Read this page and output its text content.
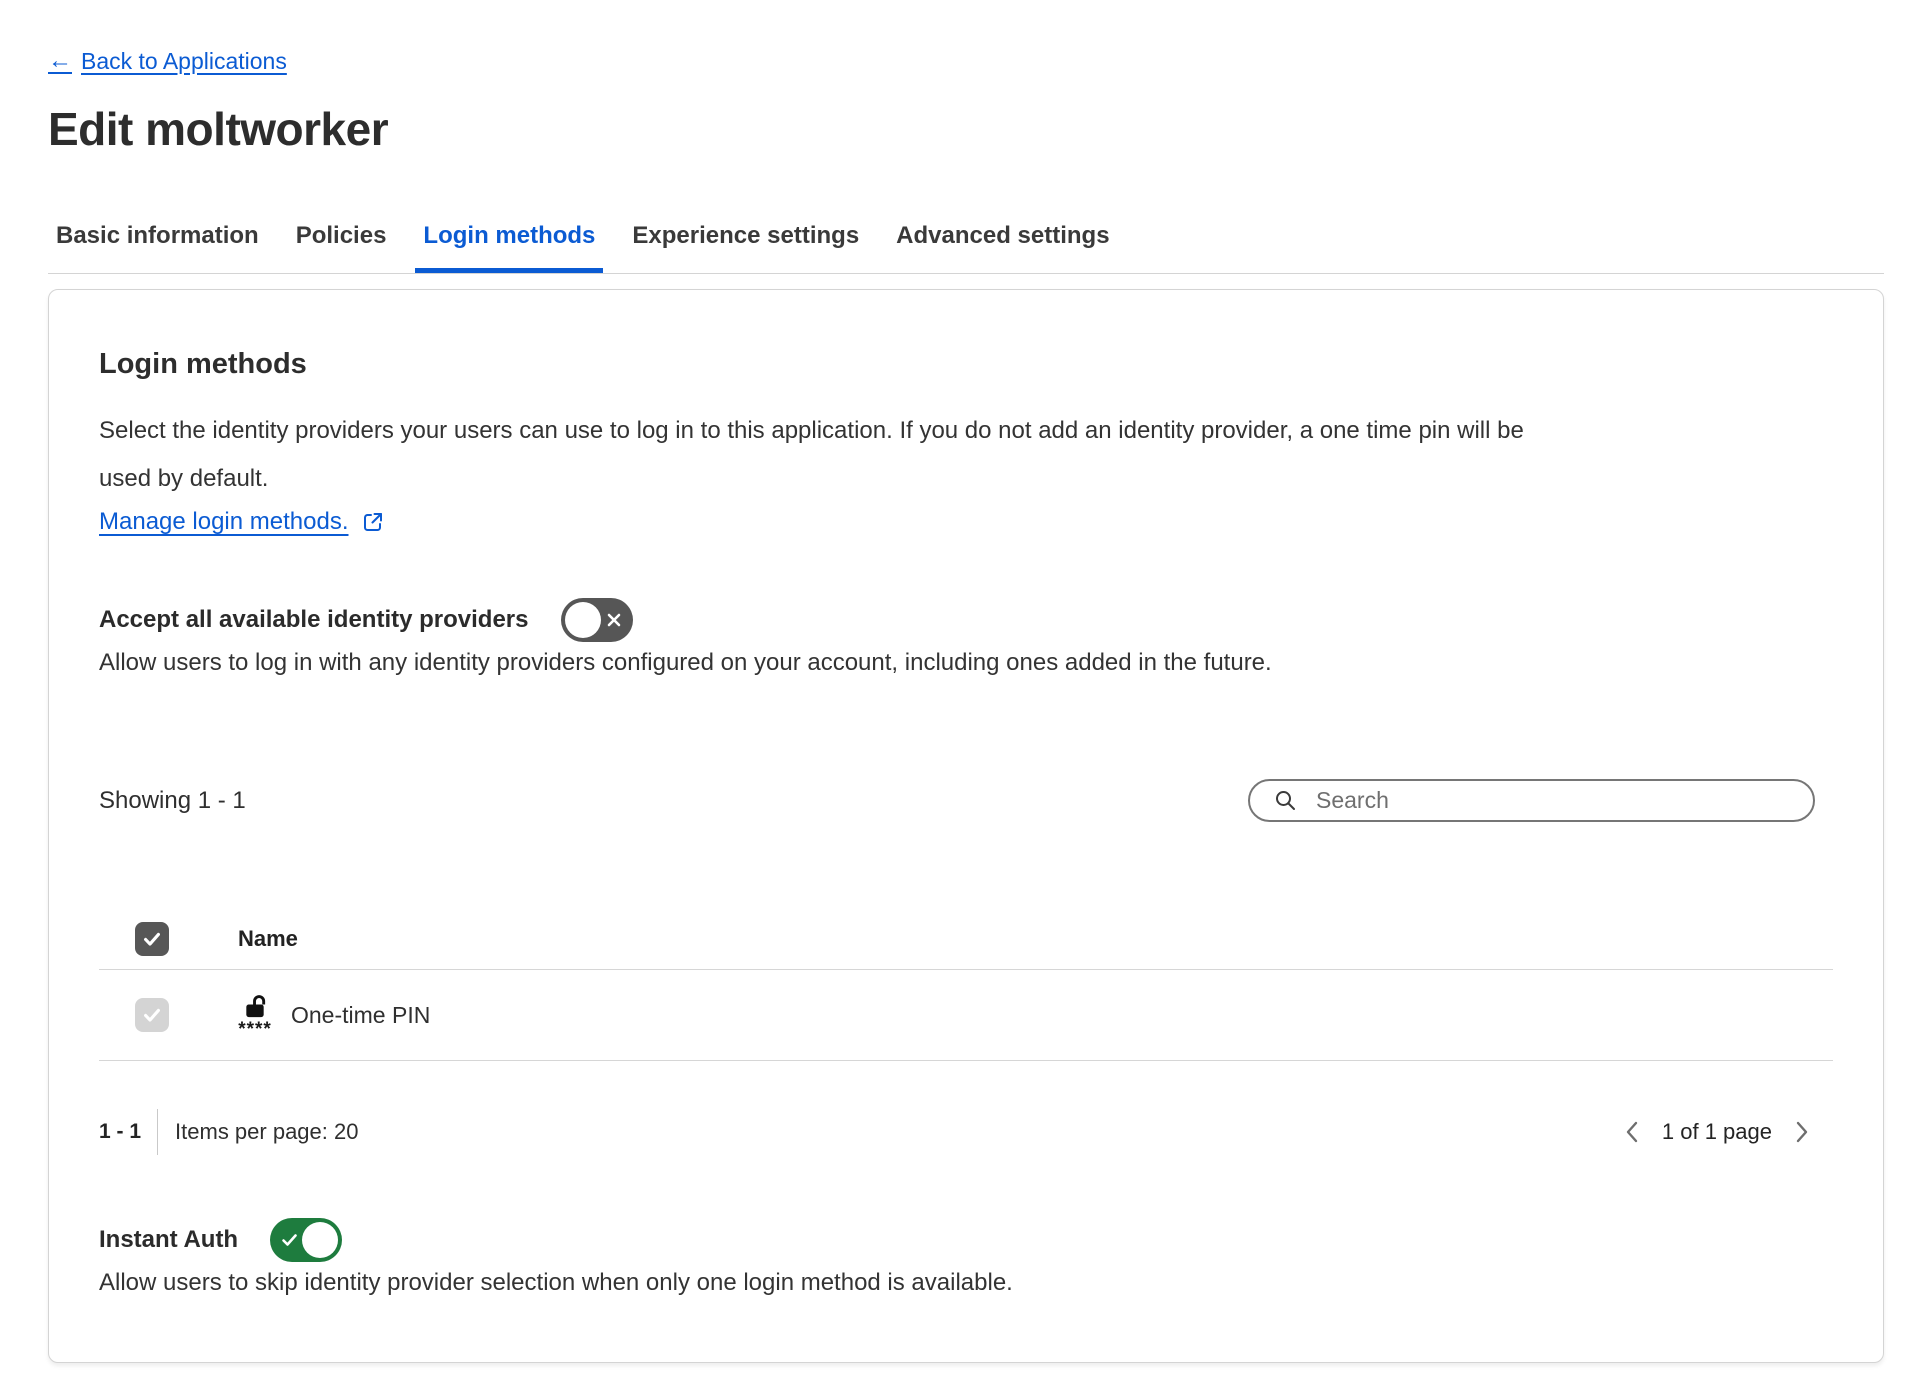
← Back to Applications
Edit moltworker
Basic information	Policies	Login methods	Experience settings	Advanced settings
Login methods

Select the identity providers your users can use to log in to this application. If you do not add an identity provider, a one time pin will be used by default.

Manage login methods.
Accept all available identity providers

Allow users to log in with any identity providers configured on your account, including ones added in the future.

Showing 1 - 1
Search
Name
****
One-time PIN
1 - 1 Items per page: 20	1 of 1 page
Instant Auth

Allow users to skip identity provider selection when only one login method is available.
